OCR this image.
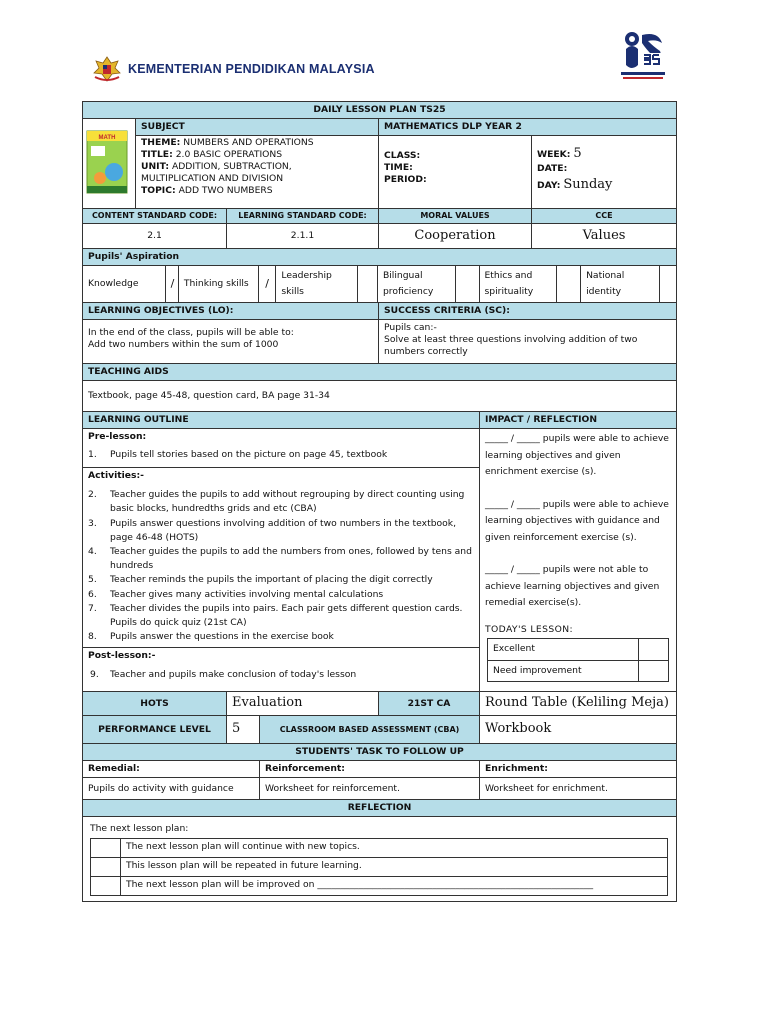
KEMENTERIAN PENDIDIKAN MALAYSIA
DAILY LESSON PLAN TS25

MATH
	SUBJECT	MATHEMATICS DLP YEAR 2

THEME: NUMBERS AND OPERATIONS
TITLE: 2.0 BASIC OPERATIONS
UNIT: ADDITION, SUBTRACTION,
MULTIPLICATION AND DIVISION
TOPIC: ADD TWO NUMBERS

CLASS:
TIME:
PERIOD:

WEEK: 5
DATE:
DAY: Sunday

CONTENT STANDARD CODE:	LEARNING STANDARD CODE:	MORAL VALUES	CCE
2.1	2.1.1	Cooperation	Values
Pupils' Aspiration

Knowledge	/	Thinking skills	/	Leadership skills		Bilingual proficiency		Ethics and spirituality		National identity	

LEARNING OBJECTIVES (LO):	SUCCESS CRITERIA (SC):

In the end of the class, pupils will be able to:
Add two numbers within the sum of 1000

Pupils can:-
Solve at least three questions involving addition of two numbers correctly

TEACHING AIDS
Textbook, page 45-48, question card, BA page 31-34
LEARNING OUTLINE	IMPACT / REFLECTION

Pre-lesson:
1. Pupils tell stories based on the picture on page 45, textbook

_____ / _____ pupils were able to achieve learning objectives and given enrichment exercise (s).
_____ / _____ pupils were able to achieve learning objectives with guidance and given reinforcement exercise (s).
_____ / _____ pupils were not able to achieve learning objectives and given remedial exercise(s).
TODAY'S LESSON:
Excellent	
Need improvement	

Activities:-
2. Teacher guides the pupils to add without regrouping by direct counting using basic blocks, hundredths grids and etc (CBA)
3. Pupils answer questions involving addition of two numbers in the textbook, page 46-48 (HOTS)
4. Teacher guides the pupils to add the numbers from ones, followed by tens and hundreds
5. Teacher reminds the pupils the important of placing the digit correctly
6. Teacher gives many activities involving mental calculations
7. Teacher divides the pupils into pairs. Each pair gets different question cards. Pupils do quick quiz (21st CA)
8. Pupils answer the questions in the exercise book

Post-lesson:-
9. Teacher and pupils make conclusion of today's lesson

HOTS	Evaluation	21ST CA	Round Table (Keliling Meja)
PERFORMANCE LEVEL	5	CLASSROOM BASED ASSESSMENT (CBA)	Workbook
STUDENTS' TASK TO FOLLOW UP
Remedial:	Reinforcement:	Enrichment:
Pupils do activity with guidance	Worksheet for reinforcement.	Worksheet for enrichment.
REFLECTION

The next lesson plan:
	The next lesson plan will continue with new topics.
	This lesson plan will be repeated in future learning.
	The next lesson plan will be improved on ____________________________________________________________
